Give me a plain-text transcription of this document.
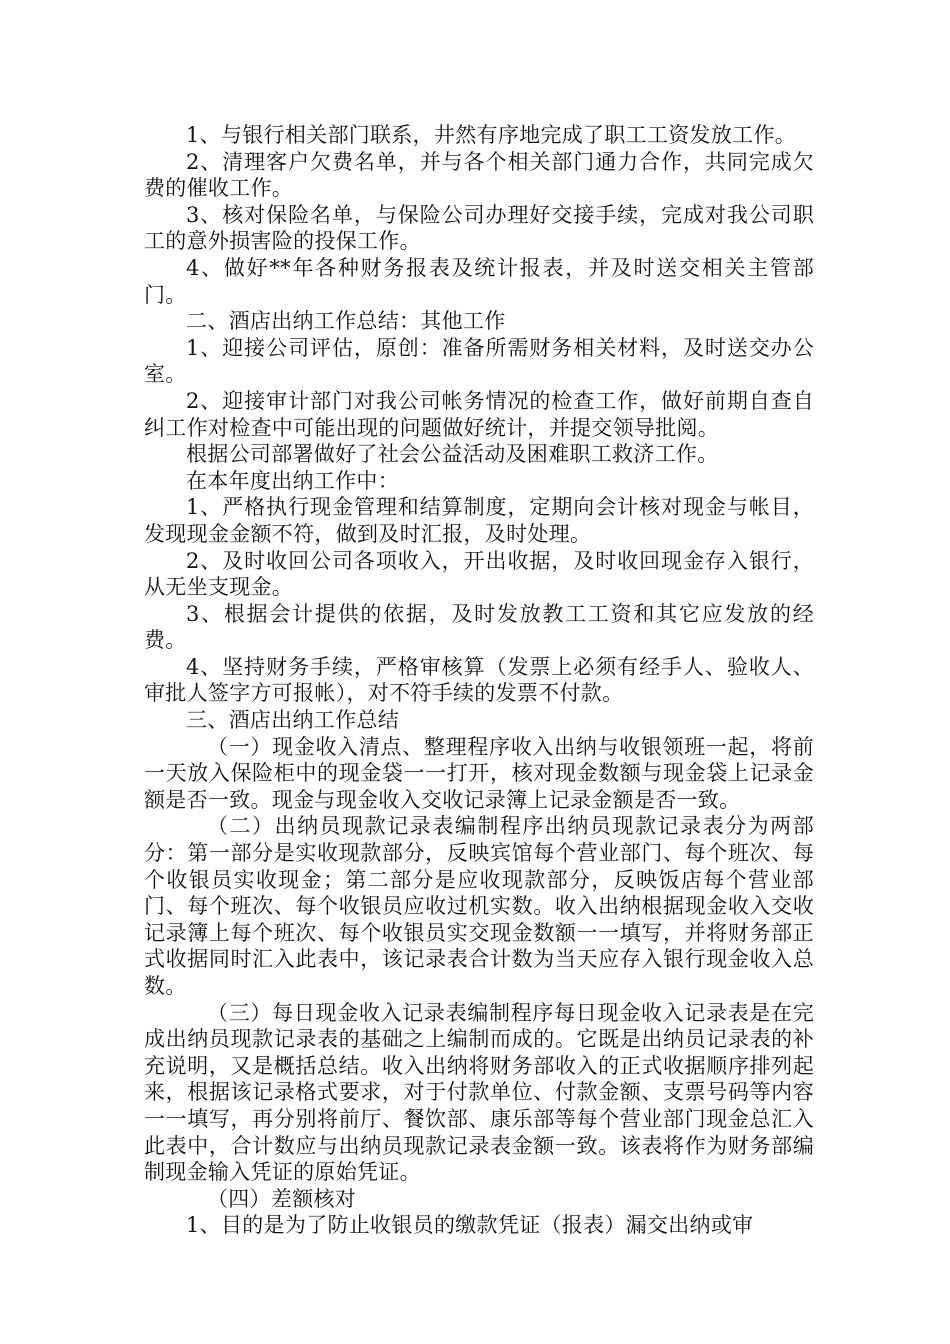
1、与银行相关部门联系，井然有序地完成了职工工资发放工作。

2、清理客户欠费名单，并与各个相关部门通力合作，共同完成欠费的催收工作。

3、核对保险名单，与保险公司办理好交接手续，完成对我公司职工的意外损害险的投保工作。

4、做好**年各种财务报表及统计报表，并及时送交相关主管部门。

二、酒店出纳工作总结：其他工作

1、迎接公司评估，原创：准备所需财务相关材料，及时送交办公室。

2、迎接审计部门对我公司帐务情况的检查工作，做好前期自查自纠工作对检查中可能出现的问题做好统计，并提交领导批阅。

根据公司部署做好了社会公益活动及困难职工救济工作。

在本年度出纳工作中：

1、严格执行现金管理和结算制度，定期向会计核对现金与帐目，发现现金金额不符，做到及时汇报，及时处理。

2、及时收回公司各项收入，开出收据，及时收回现金存入银行，从无坐支现金。

3、根据会计提供的依据，及时发放教工工资和其它应发放的经费。

4、坚持财务手续，严格审核算（发票上必须有经手人、验收人、审批人签字方可报帐），对不符手续的发票不付款。

三、酒店出纳工作总结

（一）现金收入清点、整理程序收入出纳与收银领班一起，将前一天放入保险柜中的现金袋一一打开，核对现金数额与现金袋上记录金额是否一致。现金与现金收入交收记录簿上记录金额是否一致。

（二）出纳员现款记录表编制程序出纳员现款记录表分为两部分：第一部分是实收现款部分，反映宾馆每个营业部门、每个班次、每个收银员实收现金；第二部分是应收现款部分，反映饭店每个营业部门、每个班次、每个收银员应收过机实数。收入出纳根据现金收入交收记录簿上每个班次、每个收银员实交现金数额一一填写，并将财务部正式收据同时汇入此表中，该记录表合计数为当天应存入银行现金收入总数。

（三）每日现金收入记录表编制程序每日现金收入记录表是在完成出纳员现款记录表的基础之上编制而成的。它既是出纳员记录表的补充说明，又是概括总结。收入出纳将财务部收入的正式收据顺序排列起来，根据该记录格式要求，对于付款单位、付款金额、支票号码等内容一一填写，再分别将前厅、餐饮部、康乐部等每个营业部门现金总汇入此表中，合计数应与出纳员现款记录表金额一致。该表将作为财务部编制现金输入凭证的原始凭证。

（四）差额核对

1、目的是为了防止收银员的缴款凭证（报表）漏交出纳或审
